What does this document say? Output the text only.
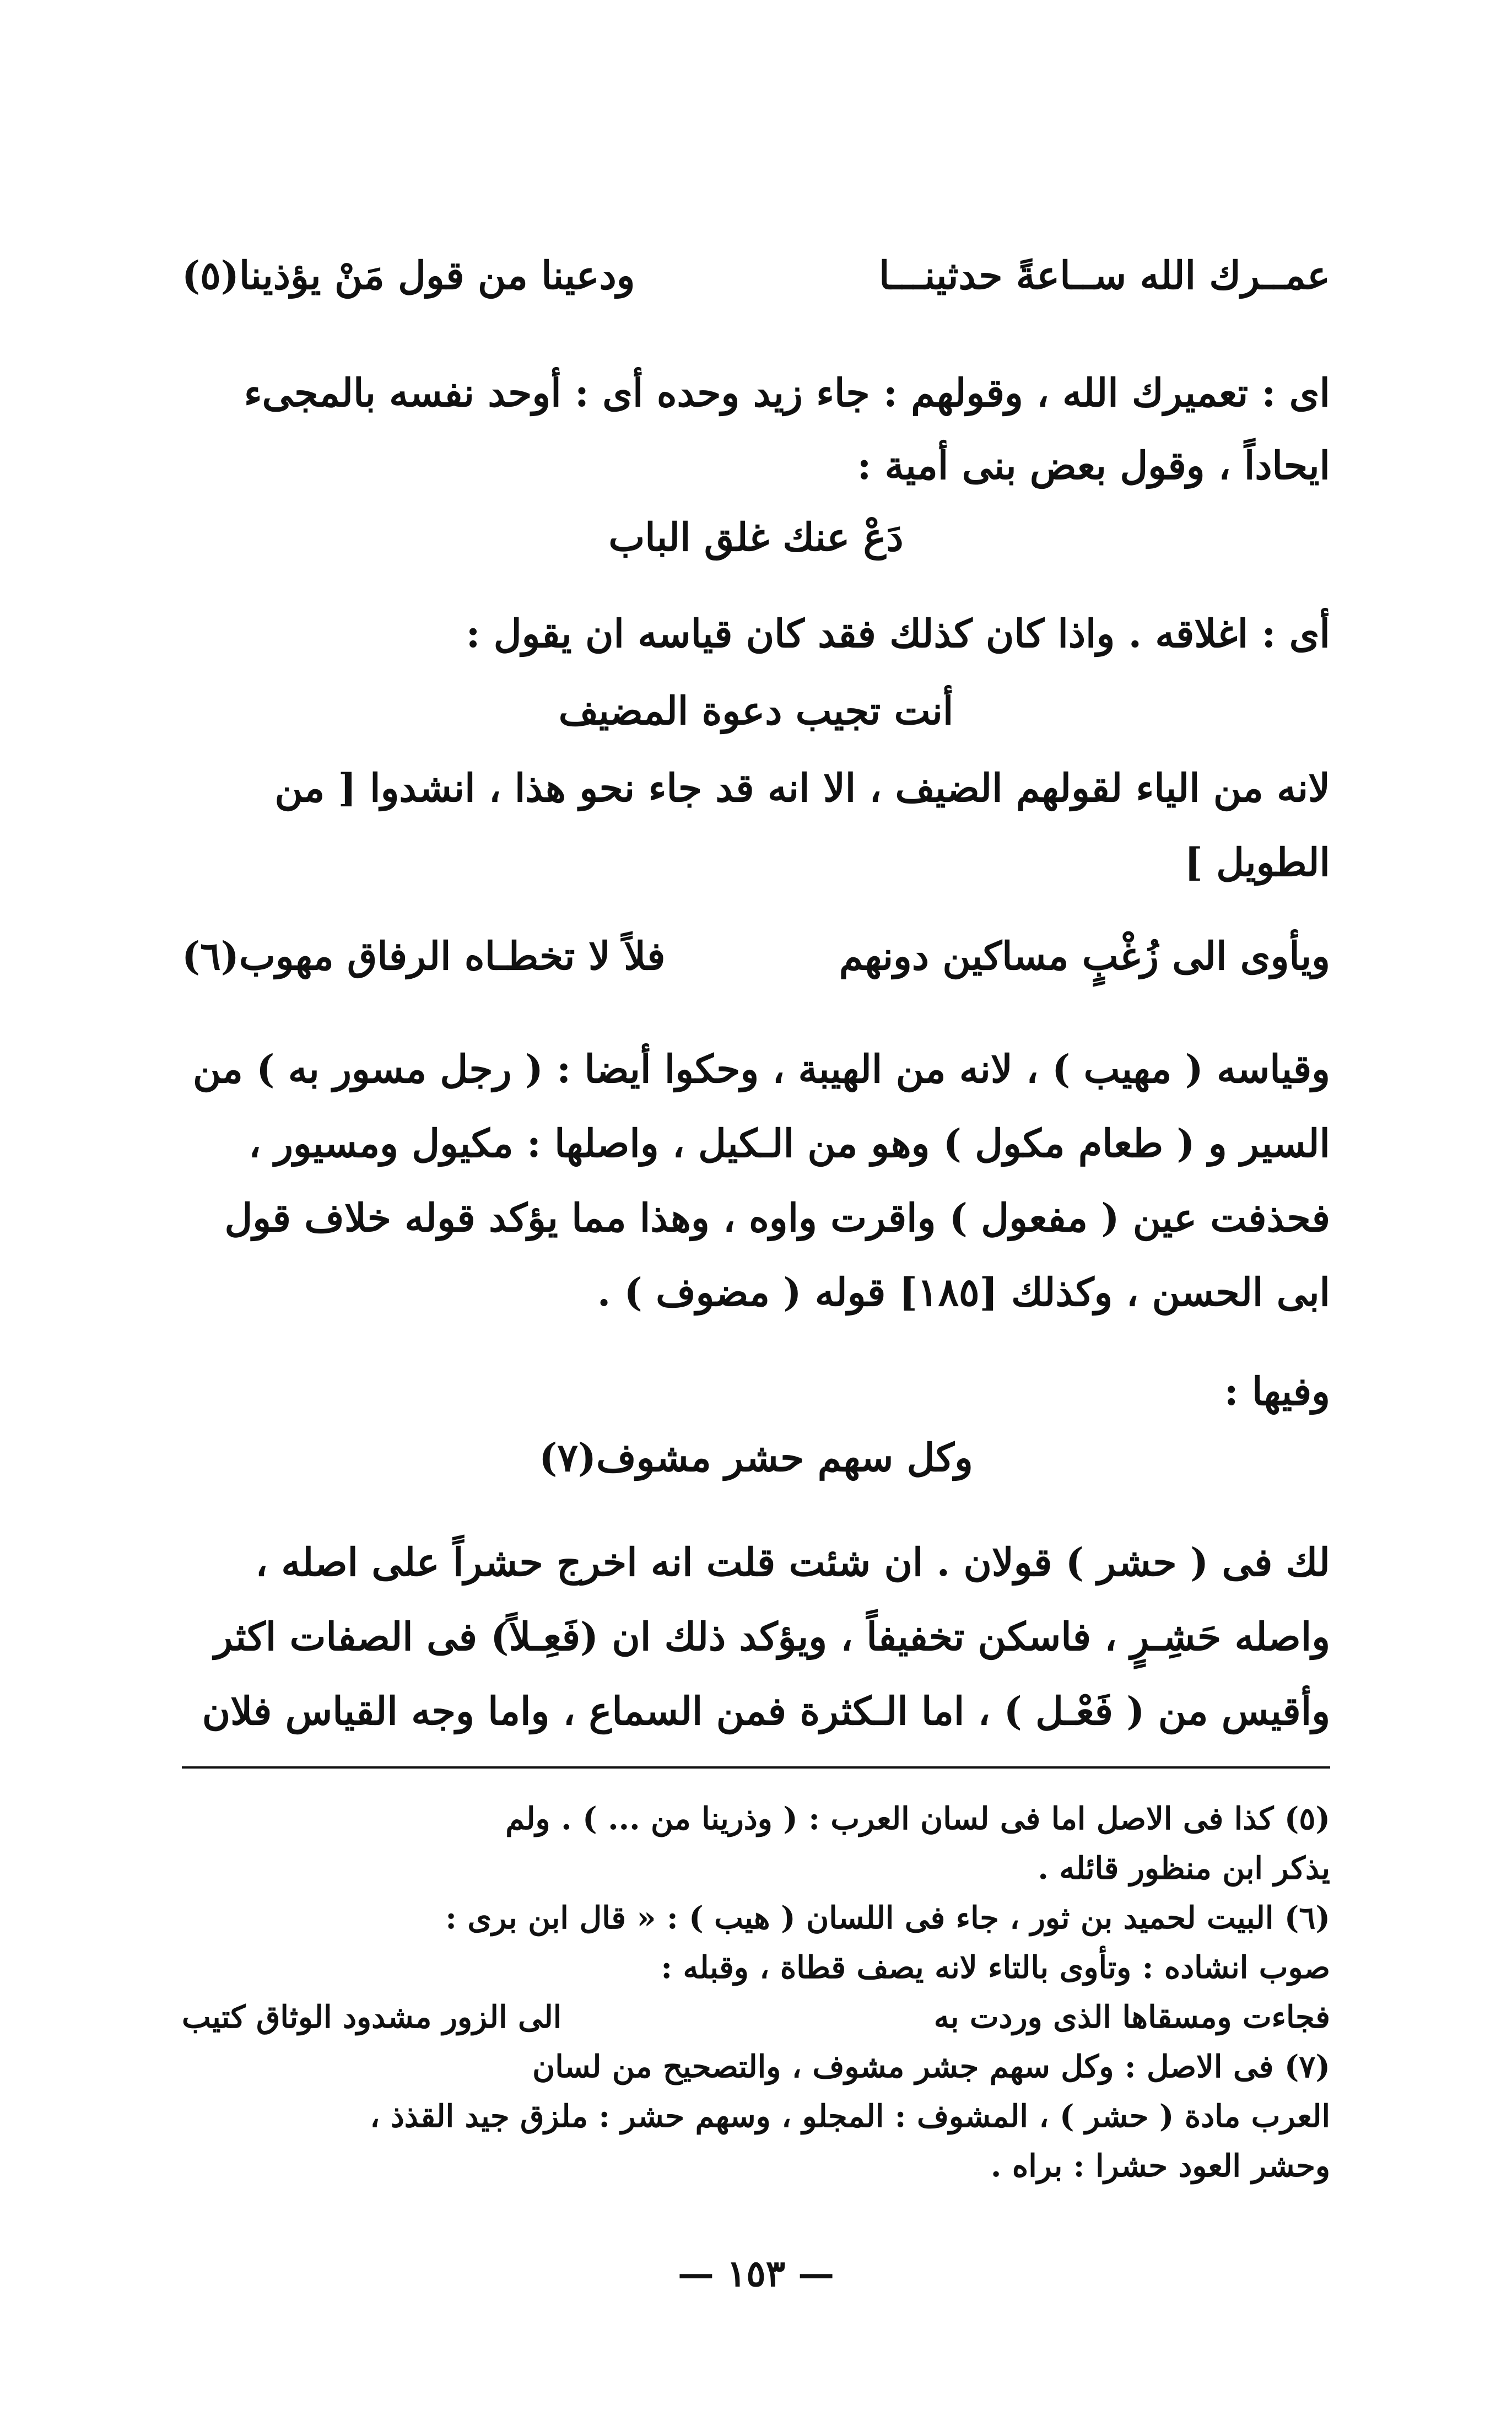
عمــرك الله ســاعةً حدثينـــا
ودعينا من قول مَنْ يؤذينا(٥)
اى : تعميرك الله ، وقولهم : جاء زيد وحده أى : أوحد نفسه بالمجىء
ايحاداً ، وقول بعض بنى أمية :
دَعْ عنك غلق الباب
أى : اغلاقه . واذا كان كذلك فقد كان قياسه ان يقول :
أنت تجيب دعوة المضيف
لانه من الياء لقولهم الضيف ، الا انه قد جاء نحو هذا ، انشدوا [ من
الطويل ]
ويأوى الى زُغْبٍ مساكين دونهم
فلاً لا تخطـاه الرفاق مهوب(٦)
وقياسه ( مهيب ) ، لانه من الهيبة ، وحكوا أيضا : ( رجل مسور به ) من
السير و ( طعام مكول ) وهو من الـكيل ، واصلها : مكيول ومسيور ،
فحذفت عين ( مفعول ) واقرت واوه ، وهذا مما يؤكد قوله خلاف قول
ابى الحسن ، وكذلك [١٨٥] قوله ( مضوف ) .
وفيها :
وكل سهم حشر مشوف(٧)
لك فى ( حشر ) قولان . ان شئت قلت انه اخرج حشراً على اصله ،
واصله حَشِـرٍ ، فاسكن تخفيفاً ، ويؤكد ذلك ان (فَعِـلاً) فى الصفات اكثر
وأقيس من ( فَعْـل ) ، اما الـكثرة فمن السماع ، واما وجه القياس فلان
(٥) كذا فى الاصل اما فى لسان العرب : ( وذرينا من ... ) . ولم
يذكر ابن منظور قائله .
(٦) البيت لحميد بن ثور ، جاء فى اللسان ( هيب ) : « قال ابن برى :
صوب انشاده : وتأوى بالتاء لانه يصف قطاة ، وقبله :
فجاءت ومسقاها الذى وردت به
الى الزور مشدود الوثاق كتيب
(٧) فى الاصل : وكل سهم جشر مشوف ، والتصحيح من لسان
العرب مادة ( حشر ) ، المشوف : المجلو ، وسهم حشر : ملزق جيد القذذ ،
وحشر العود حشرا : براه .
— ١٥٣ —
